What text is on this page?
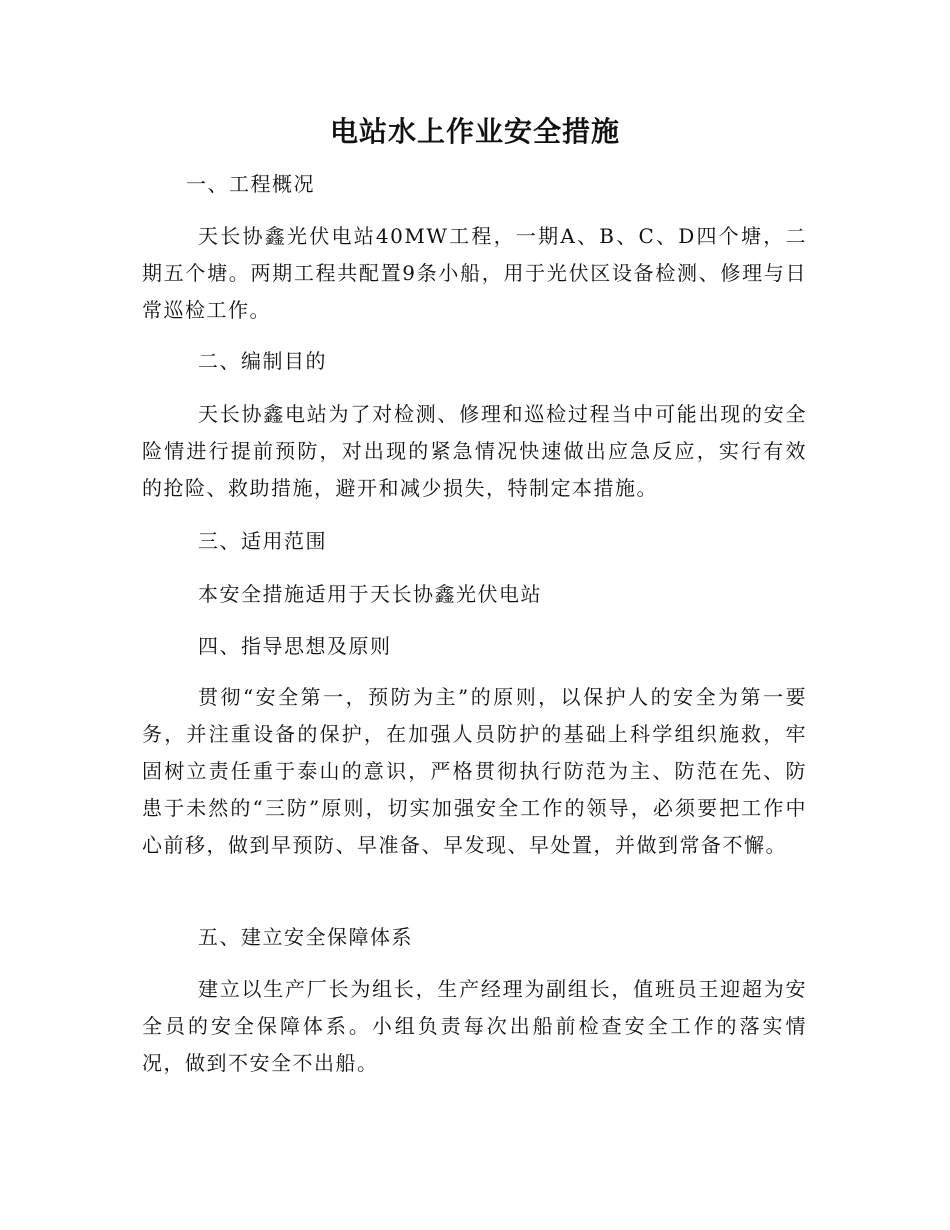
电站水上作业安全措施

一、工程概况

天长协鑫光伏电站40MW工程，一期A、B、C、D四个塘，二期五个塘。两期工程共配置9条小船，用于光伏区设备检测、修理与日常巡检工作。

二、编制目的

天长协鑫电站为了对检测、修理和巡检过程当中可能出现的安全险情进行提前预防，对出现的紧急情况快速做出应急反应，实行有效的抢险、救助措施，避开和减少损失，特制定本措施。

三、适用范围

本安全措施适用于天长协鑫光伏电站

四、指导思想及原则

贯彻“安全第一，预防为主”的原则，以保护人的安全为第一要务，并注重设备的保护，在加强人员防护的基础上科学组织施救，牢固树立责任重于泰山的意识，严格贯彻执行防范为主、防范在先、防患于未然的“三防”原则，切实加强安全工作的领导，必须要把工作中心前移，做到早预防、早准备、早发现、早处置，并做到常备不懈。

五、建立安全保障体系

建立以生产厂长为组长，生产经理为副组长，值班员王迎超为安全员的安全保障体系。小组负责每次出船前检查安全工作的落实情况，做到不安全不出船。
